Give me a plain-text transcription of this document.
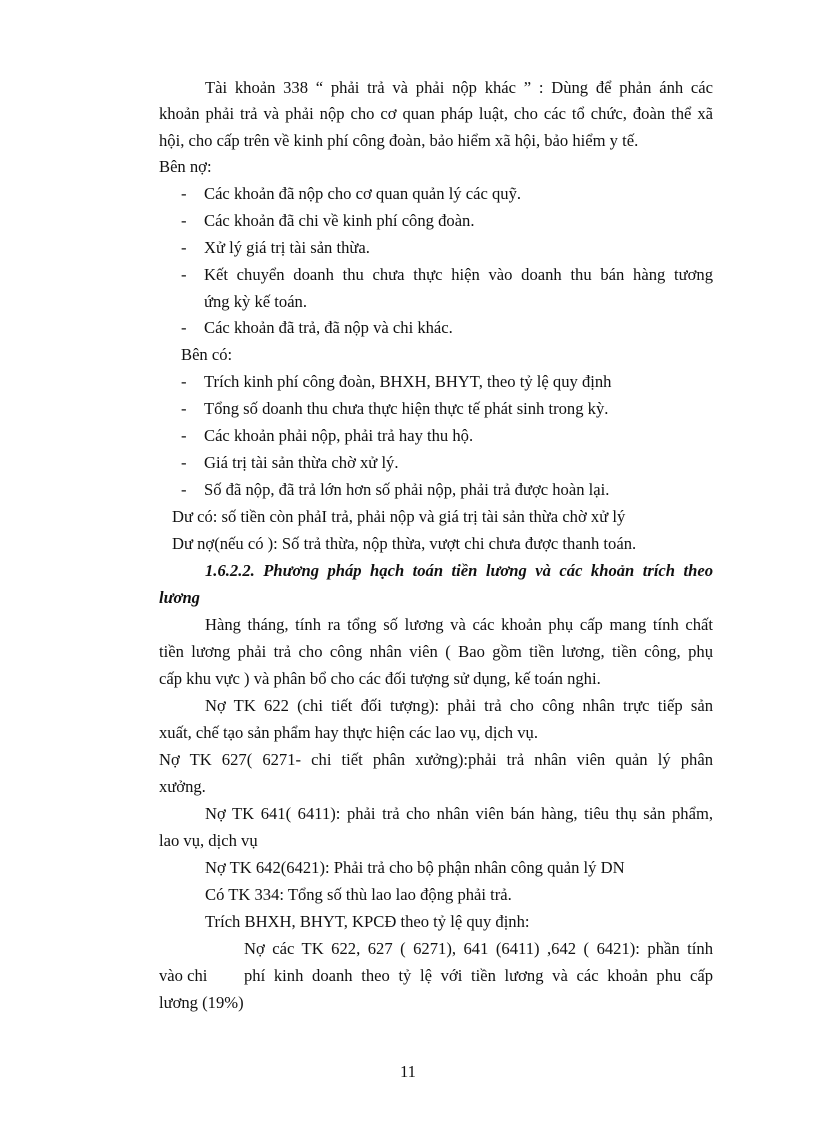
Tài khoản 338 “ phải trả và phải nộp khác ” : Dùng để phản ánh các
khoản phải trả và phải nộp cho cơ quan pháp luật, cho các tổ chức, đoàn thể xã
hội, cho cấp trên về kinh phí công đoàn, bảo hiểm xã hội, bảo hiểm y tế.
Bên nợ:
- Các khoản đã nộp cho cơ quan quản lý các quỹ.
- Các khoản đã chi về kinh phí công đoàn.
- Xử lý giá trị tài sản thừa.
- Kết chuyển doanh thu chưa thực hiện vào doanh thu bán hàng tương
ứng kỳ kế toán.
- Các khoản đã trả, đã nộp và chi khác.
Bên có:
- Trích kinh phí công đoàn, BHXH, BHYT, theo tỷ lệ quy định
- Tổng số doanh thu chưa thực hiện thực tế phát sinh trong kỳ.
- Các khoản phải nộp, phải trả hay thu hộ.
- Giá trị tài sản thừa chờ xử lý.
- Số đã nộp, đã trả lớn hơn số phải nộp, phải trả được hoàn lại.
Dư có: số tiền còn phảI trả, phải nộp và giá trị tài sản thừa chờ xử lý
Dư nợ(nếu có ): Số trả thừa, nộp thừa, vượt chi chưa được thanh toán.
1.6.2.2. Phương pháp hạch toán tiền lương và các khoản trích theo
lương
Hàng tháng, tính ra tổng số lương và các khoản phụ cấp mang tính chất
tiền lương phải trả cho công nhân viên ( Bao gồm tiền lương, tiền công, phụ
cấp khu vực ) và phân bổ cho các đối tượng sử dụng, kế toán nghi.
Nợ TK 622 (chi tiết đối tượng): phải trả cho công nhân trực tiếp sản
xuất, chế tạo sản phẩm hay thực hiện các lao vụ, dịch vụ.
Nợ TK 627( 6271- chi tiết phân xưởng):phải trả nhân viên quản lý phân
xưởng.
Nợ TK 641( 6411): phải trả cho nhân viên bán hàng, tiêu thụ sản phẩm,
lao vụ, dịch vụ
Nợ TK 642(6421): Phải trả cho bộ phận nhân công quản lý DN
Có TK 334: Tổng số thù lao lao động phải trả.
Trích BHXH, BHYT, KPCĐ theo tỷ lệ quy định:
Nợ các TK 622, 627 ( 6271), 641 (6411) ,642 ( 6421): phần tính
vào chi phí kinh doanh theo tỷ lệ với tiền lương và các khoản phu cấp
lương (19%)
11
